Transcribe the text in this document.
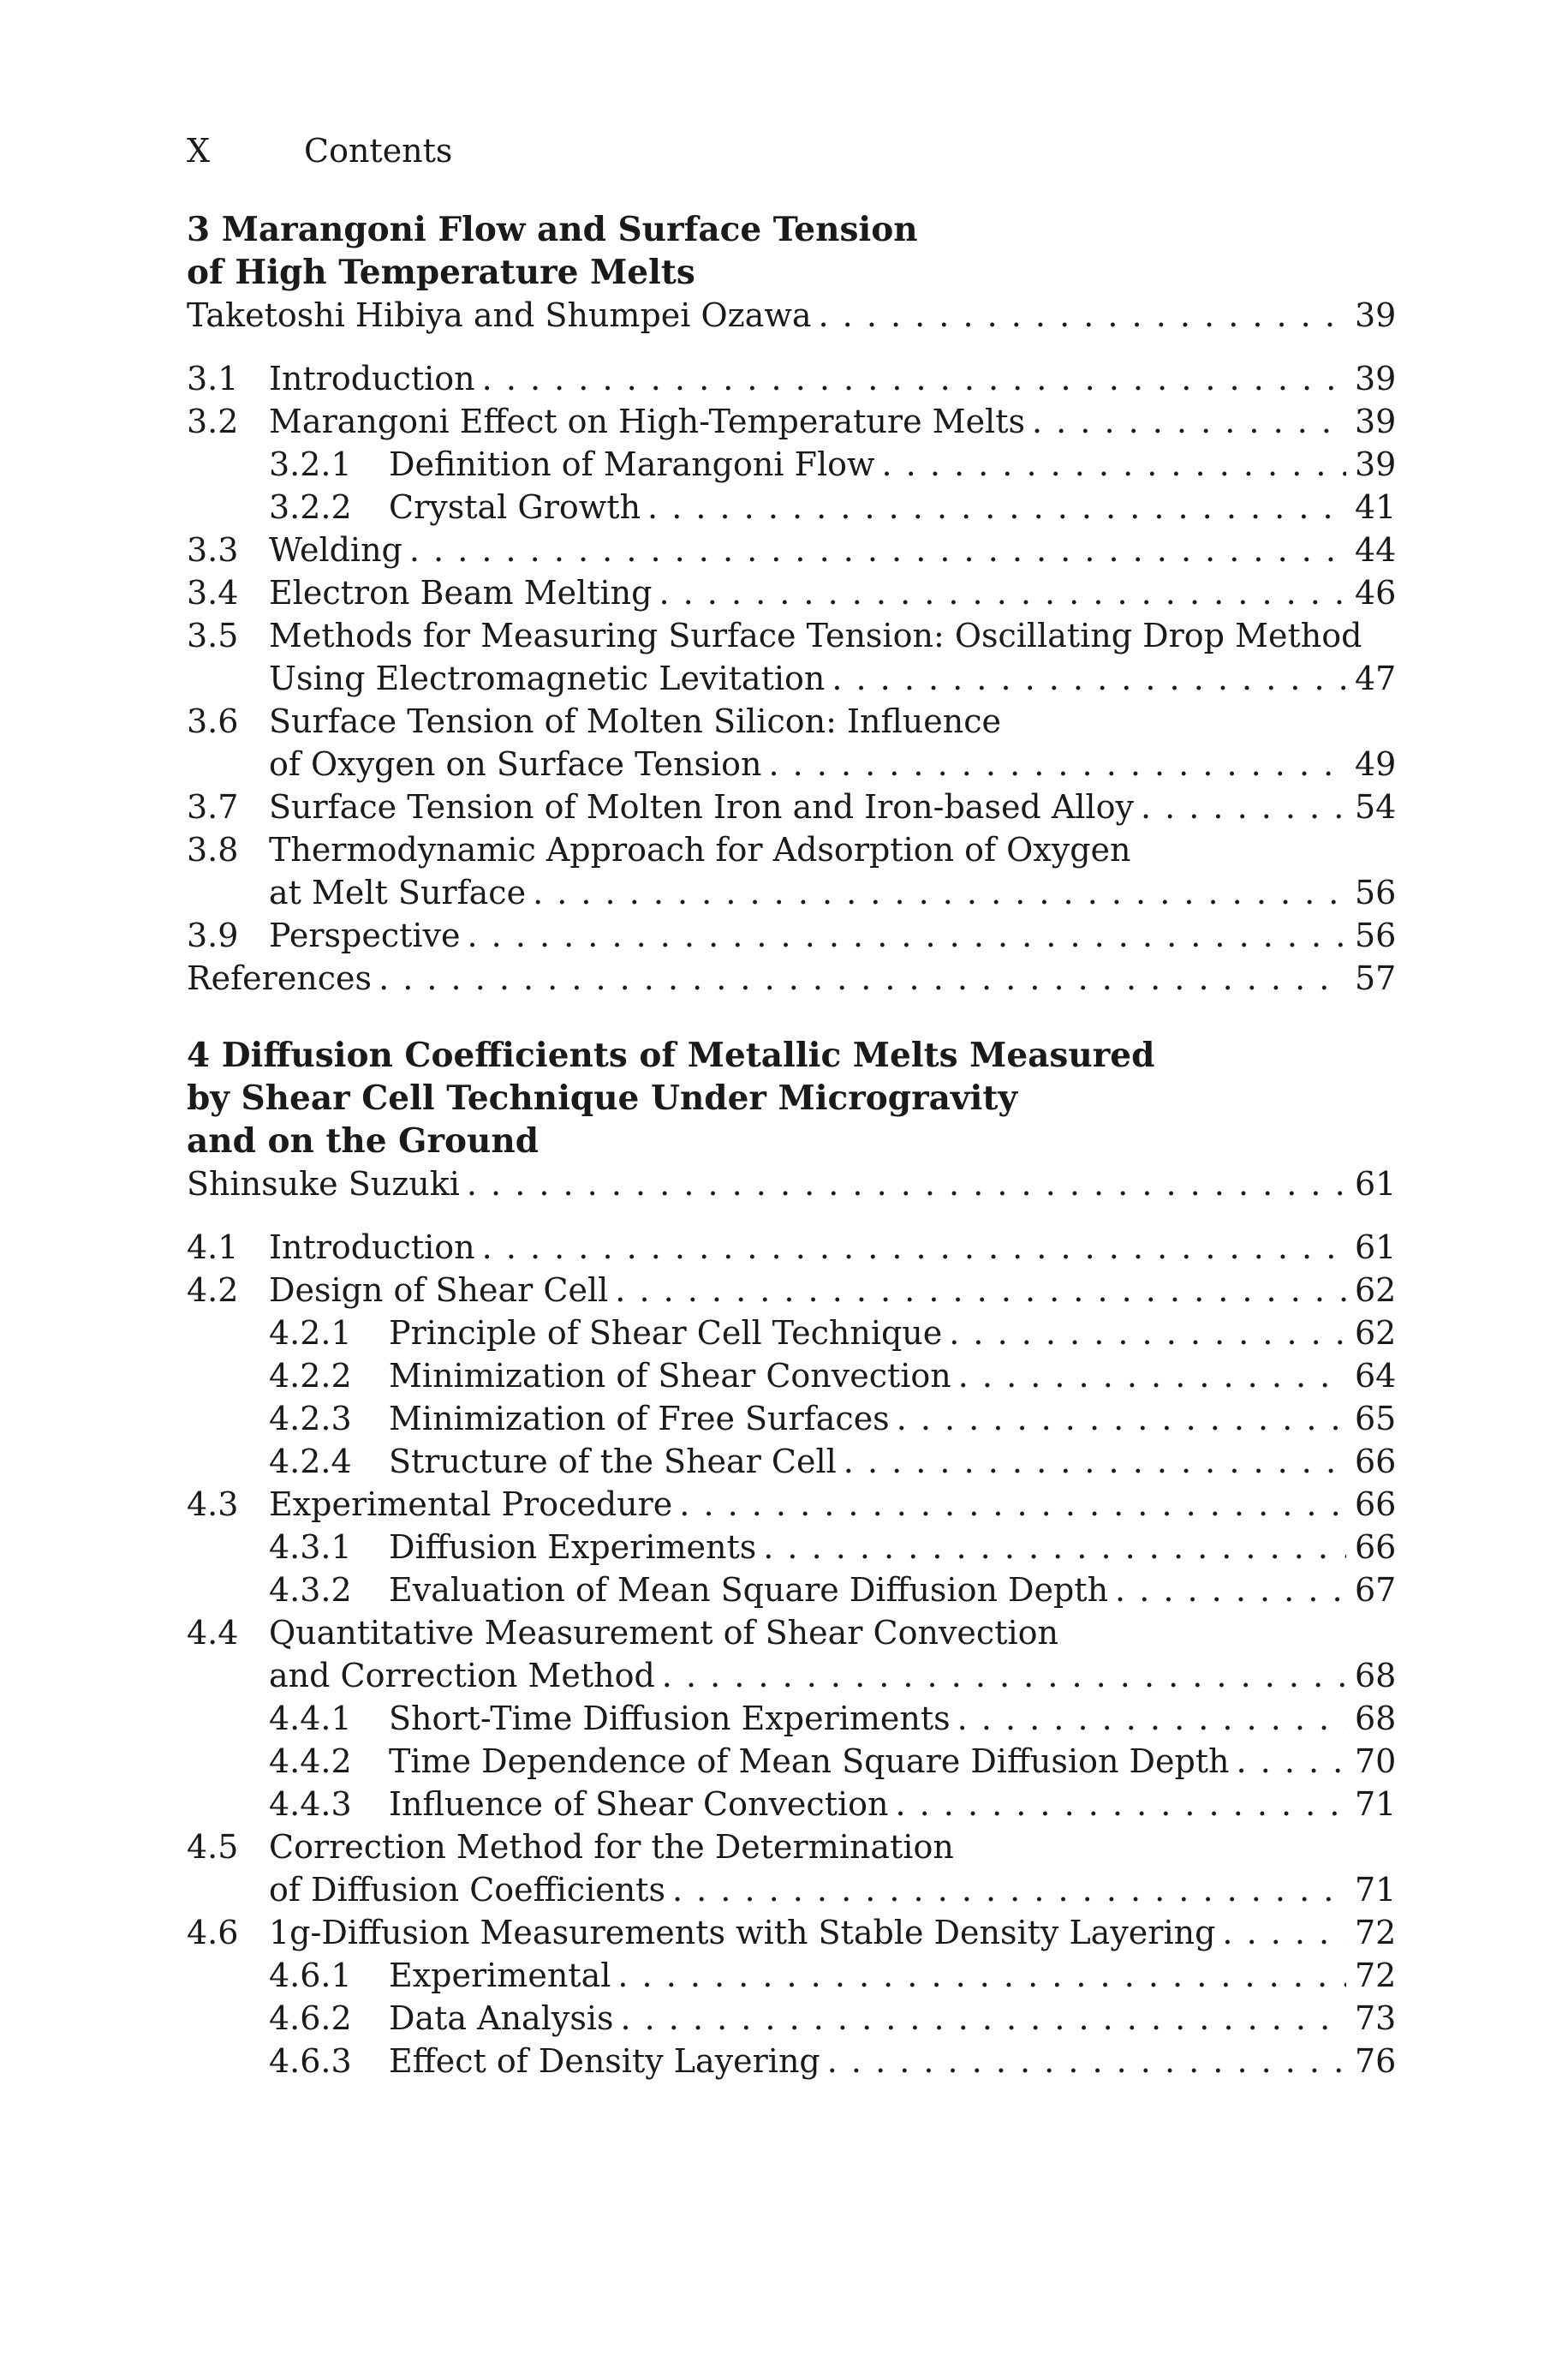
X	Contents
3 Marangoni Flow and Surface Tension
of High Temperature Melts
Taketoshi Hibiya and Shumpei Ozawa . . .	39
3.1 Introduction . . .	39
3.2 Marangoni Effect on High-Temperature Melts . . .	39
3.2.1 Definition of Marangoni Flow . . .	39
3.2.2 Crystal Growth . . .	41
3.3 Welding . . .	44
3.4 Electron Beam Melting . . .	46
3.5 Methods for Measuring Surface Tension: Oscillating Drop Method
Using Electromagnetic Levitation . . .	47
3.6 Surface Tension of Molten Silicon: Influence
of Oxygen on Surface Tension . . .	49
3.7 Surface Tension of Molten Iron and Iron-based Alloy . . .	54
3.8 Thermodynamic Approach for Adsorption of Oxygen
at Melt Surface . . .	56
3.9 Perspective . . .	56
References . . .	57
4 Diffusion Coefficients of Metallic Melts Measured
by Shear Cell Technique Under Microgravity
and on the Ground
Shinsuke Suzuki . . .	61
4.1 Introduction . . .	61
4.2 Design of Shear Cell . . .	62
4.2.1 Principle of Shear Cell Technique . . .	62
4.2.2 Minimization of Shear Convection . . .	64
4.2.3 Minimization of Free Surfaces . . .	65
4.2.4 Structure of the Shear Cell . . .	66
4.3 Experimental Procedure . . .	66
4.3.1 Diffusion Experiments . . .	66
4.3.2 Evaluation of Mean Square Diffusion Depth . . .	67
4.4 Quantitative Measurement of Shear Convection
and Correction Method . . .	68
4.4.1 Short-Time Diffusion Experiments . . .	68
4.4.2 Time Dependence of Mean Square Diffusion Depth . . .	70
4.4.3 Influence of Shear Convection . . .	71
4.5 Correction Method for the Determination
of Diffusion Coefficients . . .	71
4.6 1g-Diffusion Measurements with Stable Density Layering . . .	72
4.6.1 Experimental . . .	72
4.6.2 Data Analysis . . .	73
4.6.3 Effect of Density Layering . . .	76
